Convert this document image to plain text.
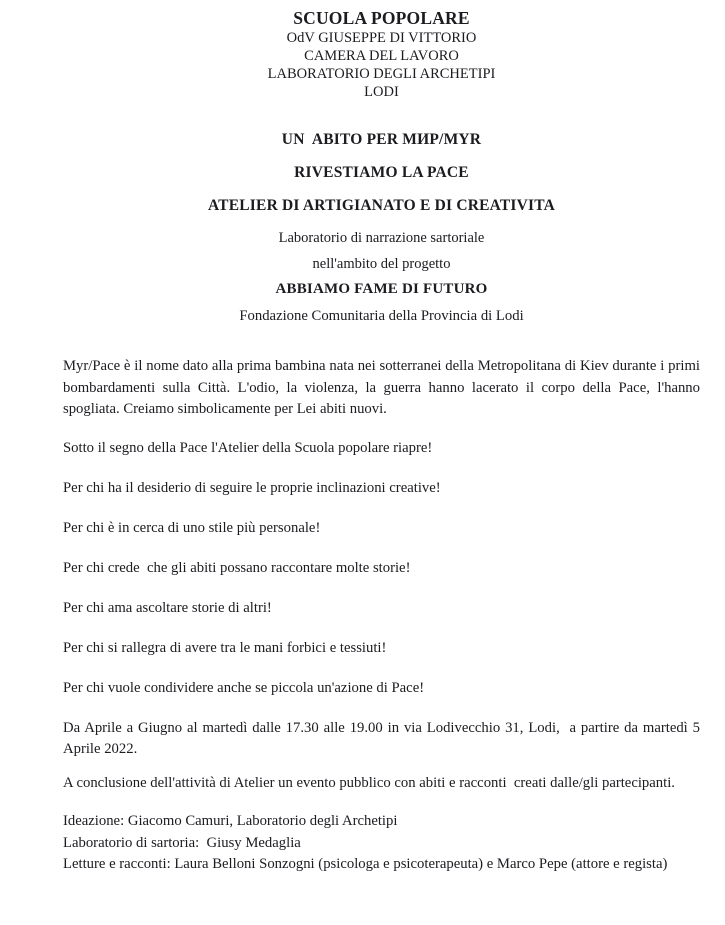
SCUOLA POPOLARE

OdV GIUSEPPE DI VITTORIO

CAMERA DEL LAVORO

LABORATORIO DEGLI ARCHETIPI

LODI

UN  ABITO PER МИР/MYR

RIVESTIAMO LA PACE

ATELIER DI ARTIGIANATO E DI CREATIVITA

Laboratorio di narrazione sartoriale

nell'ambito del progetto

ABBIAMO FAME DI FUTURO

Fondazione Comunitaria della Provincia di Lodi

Myr/Pace è il nome dato alla prima bambina nata nei sotterranei della Metropolitana di Kiev durante i primi bombardamenti sulla Città. L'odio, la violenza, la guerra hanno lacerato il corpo della Pace, l'hanno spogliata. Creiamo simbolicamente per Lei abiti nuovi.

Sotto il segno della Pace l'Atelier della Scuola popolare riapre!

Per chi ha il desiderio di seguire le proprie inclinazioni creative!

Per chi è in cerca di uno stile più personale!

Per chi crede  che gli abiti possano raccontare molte storie!

Per chi ama ascoltare storie di altri!

Per chi si rallegra di avere tra le mani forbici e tessiuti!

Per chi vuole condividere anche se piccola un'azione di Pace!

Da Aprile a Giugno al martedì dalle 17.30 alle 19.00 in via Lodivecchio 31, Lodi,  a partire da martedì 5 Aprile 2022.

A conclusione dell'attività di Atelier un evento pubblico con abiti e racconti  creati dalle/gli partecipanti.

Ideazione: Giacomo Camuri, Laboratorio degli Archetipi

Laboratorio di sartoria:  Giusy Medaglia

Letture e racconti: Laura Belloni Sonzogni (psicologa e psicoterapeuta) e Marco Pepe (attore e regista)
